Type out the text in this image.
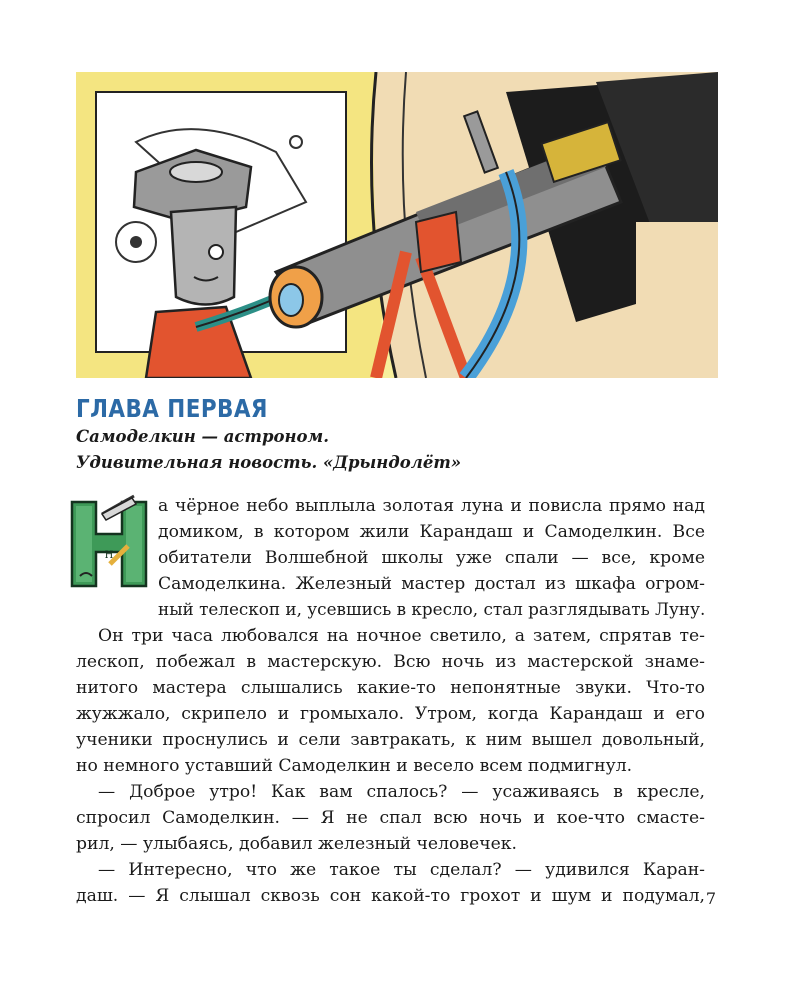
ГЛАВА ПЕРВАЯ

Самоделкин — астроном.

Удивительная новость. «Дрындолёт»

Н

а чёрное небо выплыла золотая луна и повисла прямо над

домиком, в котором жили Карандаш и Самоделкин. Все

обитатели Волшебной школы уже спали — все, кроме

Самоделкина. Железный мастер достал из шкафа огром-

ный телескоп и, усевшись в кресло, стал разглядывать Луну.

Он три часа любовался на ночное светило, а затем, спрятав те-

лескоп, побежал в мастерскую. Всю ночь из мастерской знаме-

нитого мастера слышались какие-то непонятные звуки. Что-то

жужжало, скрипело и громыхало. Утром, когда Карандаш и его

ученики проснулись и сели завтракать, к ним вышел довольный,

но немного уставший Самоделкин и весело всем подмигнул.

— Доброе утро! Как вам спалось? — усаживаясь в кресле,

спросил Самоделкин. — Я не спал всю ночь и кое-что смасте-

рил, — улыбаясь, добавил железный человечек.

— Интересно, что же такое ты сделал? — удивился Каран-

даш. — Я слышал сквозь сон какой-то грохот и шум и подумал, 7
